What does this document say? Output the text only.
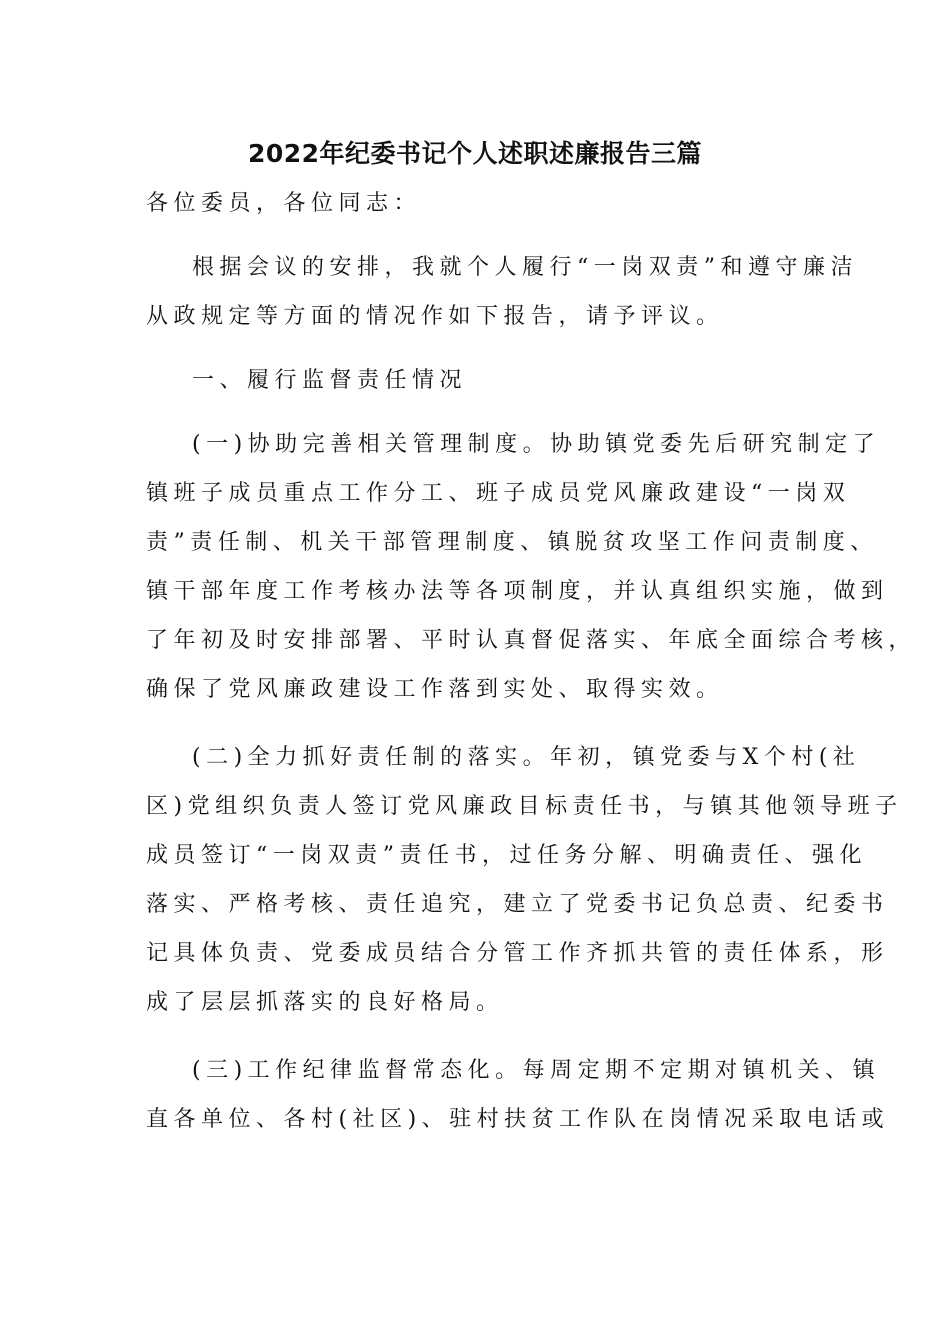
2022年纪委书记个人述职述廉报告三篇

各位委员，各位同志：

根据会议的安排，我就个人履行“一岗双责”和遵守廉洁

从政规定等方面的情况作如下报告，请予评议。

一、履行监督责任情况

(一)协助完善相关管理制度。协助镇党委先后研究制定了

镇班子成员重点工作分工、班子成员党风廉政建设“一岗双

责”责任制、机关干部管理制度、镇脱贫攻坚工作问责制度、

镇干部年度工作考核办法等各项制度，并认真组织实施，做到

了年初及时安排部署、平时认真督促落实、年底全面综合考核，

确保了党风廉政建设工作落到实处、取得实效。

(二)全力抓好责任制的落实。年初，镇党委与X个村(社

区)党组织负责人签订党风廉政目标责任书，与镇其他领导班子

成员签订“一岗双责”责任书，过任务分解、明确责任、强化

落实、严格考核、责任追究，建立了党委书记负总责、纪委书

记具体负责、党委成员结合分管工作齐抓共管的责任体系，形

成了层层抓落实的良好格局。

(三)工作纪律监督常态化。每周定期不定期对镇机关、镇

直各单位、各村(社区)、驻村扶贫工作队在岗情况采取电话或
